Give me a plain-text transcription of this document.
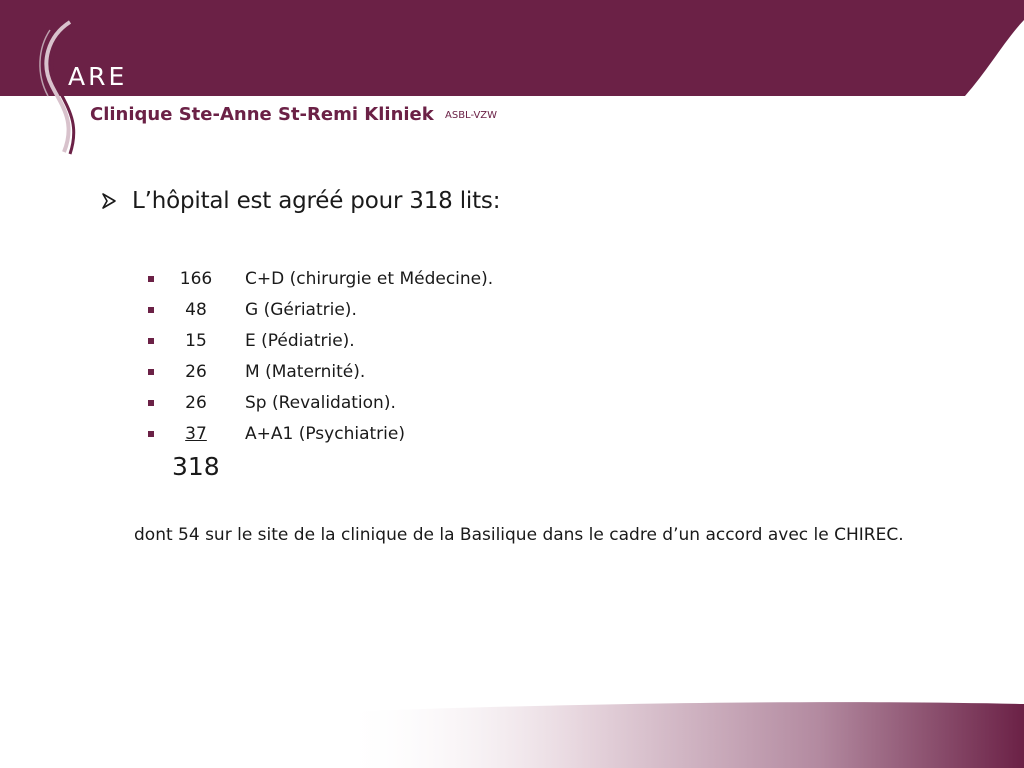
ARE
Clinique Ste-Anne St-Remi Kliniek ASBL-VZW
L’hôpital est agréé pour 318 lits:
166	C+D (chirurgie et Médecine).
48	G (Gériatrie).
15	E (Pédiatrie).
26	M (Maternité).
26	Sp (Revalidation).
37	A+A1 (Psychiatrie)
318
dont 54 sur le site de la clinique de la Basilique dans le cadre d’un accord avec le CHIREC.
